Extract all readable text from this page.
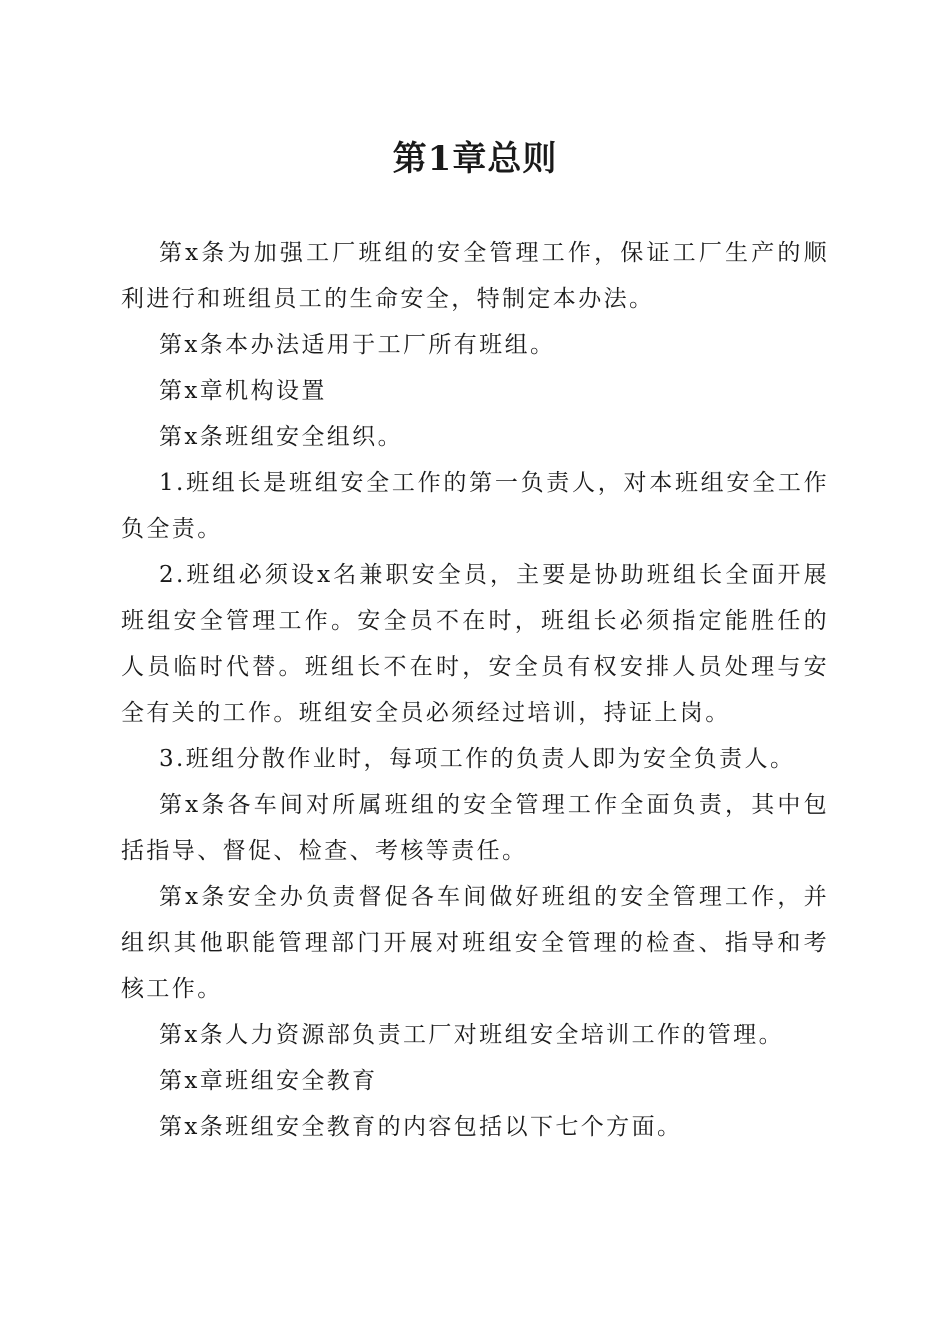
第1章总则

第x条为加强工厂班组的安全管理工作，保证工厂生产的顺利进行和班组员工的生命安全，特制定本办法。

第x条本办法适用于工厂所有班组。

第x章机构设置

第x条班组安全组织。

1.班组长是班组安全工作的第一负责人，对本班组安全工作负全责。

2.班组必须设x名兼职安全员，主要是协助班组长全面开展班组安全管理工作。安全员不在时，班组长必须指定能胜任的人员临时代替。班组长不在时，安全员有权安排人员处理与安全有关的工作。班组安全员必须经过培训，持证上岗。

3.班组分散作业时，每项工作的负责人即为安全负责人。

第x条各车间对所属班组的安全管理工作全面负责，其中包括指导、督促、检查、考核等责任。

第x条安全办负责督促各车间做好班组的安全管理工作，并组织其他职能管理部门开展对班组安全管理的检查、指导和考核工作。

第x条人力资源部负责工厂对班组安全培训工作的管理。

第x章班组安全教育

第x条班组安全教育的内容包括以下七个方面。
